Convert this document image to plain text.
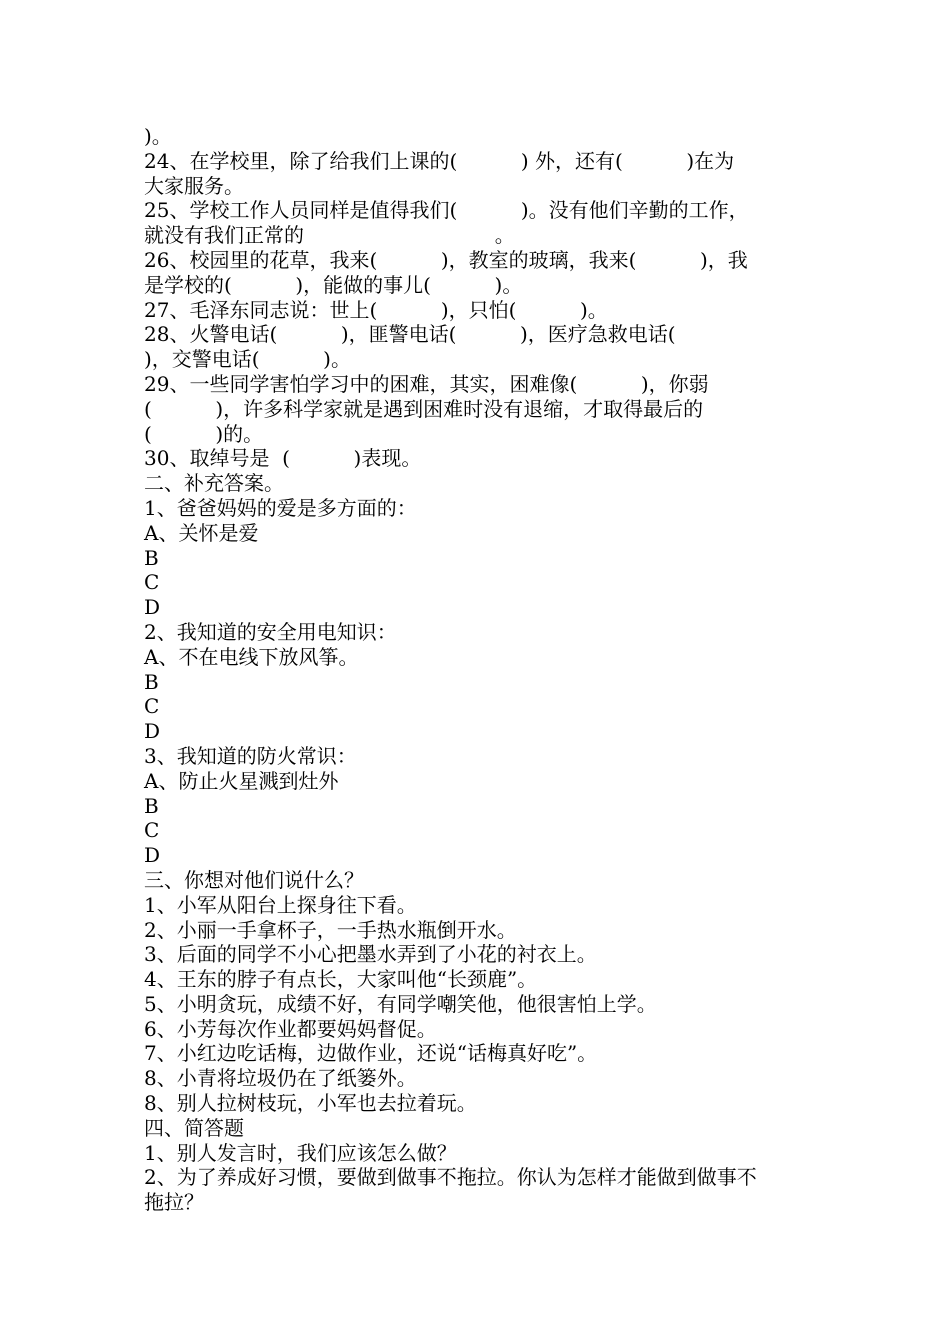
)。
24、在学校里，除了给我们上课的(          ) 外，还有(          )在为
大家服务。
25、学校工作人员同样是值得我们(          )。没有他们辛勤的工作，
就没有我们正常的                              。
26、校园里的花草，我来(          )，教室的玻璃，我来(          )，我
是学校的(          )，能做的事儿(          )。
27、毛泽东同志说：世上(          )，只怕(          )。
28、火警电话(          )，匪警电话(          )，医疗急救电话(
)，交警电话(          )。
29、一些同学害怕学习中的困难，其实，困难像(          )，你弱
(          )，许多科学家就是遇到困难时没有退缩，才取得最后的
(          )的。
30、取绰号是  (          )表现。
二、补充答案。
1、爸爸妈妈的爱是多方面的：
A、关怀是爱
B
C
D
2、我知道的安全用电知识：
A、不在电线下放风筝。
B
C
D
3、我知道的防火常识：
A、防止火星溅到灶外
B
C
D
三、你想对他们说什么？
1、小军从阳台上探身往下看。
2、小丽一手拿杯子，一手热水瓶倒开水。
3、后面的同学不小心把墨水弄到了小花的衬衣上。
4、王东的脖子有点长，大家叫他“长颈鹿”。
5、小明贪玩，成绩不好，有同学嘲笑他，他很害怕上学。
6、小芳每次作业都要妈妈督促。
7、小红边吃话梅，边做作业，还说“话梅真好吃”。
8、小青将垃圾仍在了纸篓外。
8、别人拉树枝玩，小军也去拉着玩。
四、简答题
1、别人发言时，我们应该怎么做？
2、为了养成好习惯，要做到做事不拖拉。你认为怎样才能做到做事不
拖拉？
